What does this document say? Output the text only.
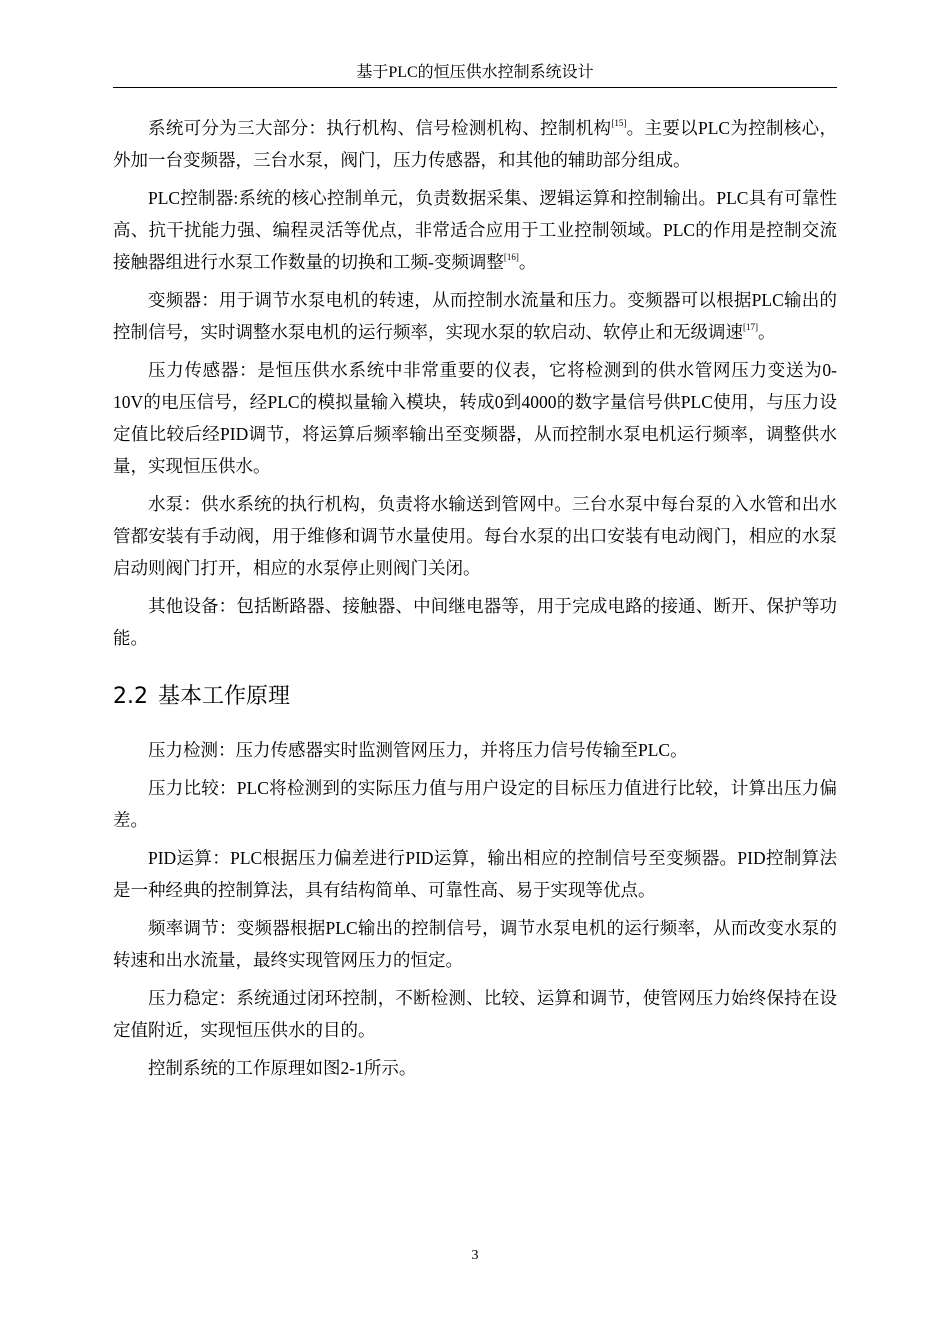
基于PLC的恒压供水控制系统设计

系统可分为三大部分：执行机构、信号检测机构、控制机构[15]。主要以PLC为控制核心，外加一台变频器，三台水泵，阀门，压力传感器，和其他的辅助部分组成。

PLC控制器:系统的核心控制单元，负责数据采集、逻辑运算和控制输出。PLC具有可靠性高、抗干扰能力强、编程灵活等优点，非常适合应用于工业控制领域。PLC的作用是控制交流接触器组进行水泵工作数量的切换和工频-变频调整[16]。

变频器：用于调节水泵电机的转速，从而控制水流量和压力。变频器可以根据PLC输出的控制信号，实时调整水泵电机的运行频率，实现水泵的软启动、软停止和无级调速[17]。

压力传感器：是恒压供水系统中非常重要的仪表，它将检测到的供水管网压力变送为0-10V的电压信号，经PLC的模拟量输入模块，转成0到4000的数字量信号供PLC使用，与压力设定值比较后经PID调节，将运算后频率输出至变频器，从而控制水泵电机运行频率，调整供水量，实现恒压供水。

水泵：供水系统的执行机构，负责将水输送到管网中。三台水泵中每台泵的入水管和出水管都安装有手动阀，用于维修和调节水量使用。每台水泵的出口安装有电动阀门，相应的水泵启动则阀门打开，相应的水泵停止则阀门关闭。

其他设备：包括断路器、接触器、中间继电器等，用于完成电路的接通、断开、保护等功能。

2.2 基本工作原理

压力检测：压力传感器实时监测管网压力，并将压力信号传输至PLC。

压力比较：PLC将检测到的实际压力值与用户设定的目标压力值进行比较，计算出压力偏差。

PID运算：PLC根据压力偏差进行PID运算，输出相应的控制信号至变频器。PID控制算法是一种经典的控制算法，具有结构简单、可靠性高、易于实现等优点。

频率调节：变频器根据PLC输出的控制信号，调节水泵电机的运行频率，从而改变水泵的转速和出水流量，最终实现管网压力的恒定。

压力稳定：系统通过闭环控制，不断检测、比较、运算和调节，使管网压力始终保持在设定值附近，实现恒压供水的目的。

控制系统的工作原理如图2-1所示。

3
